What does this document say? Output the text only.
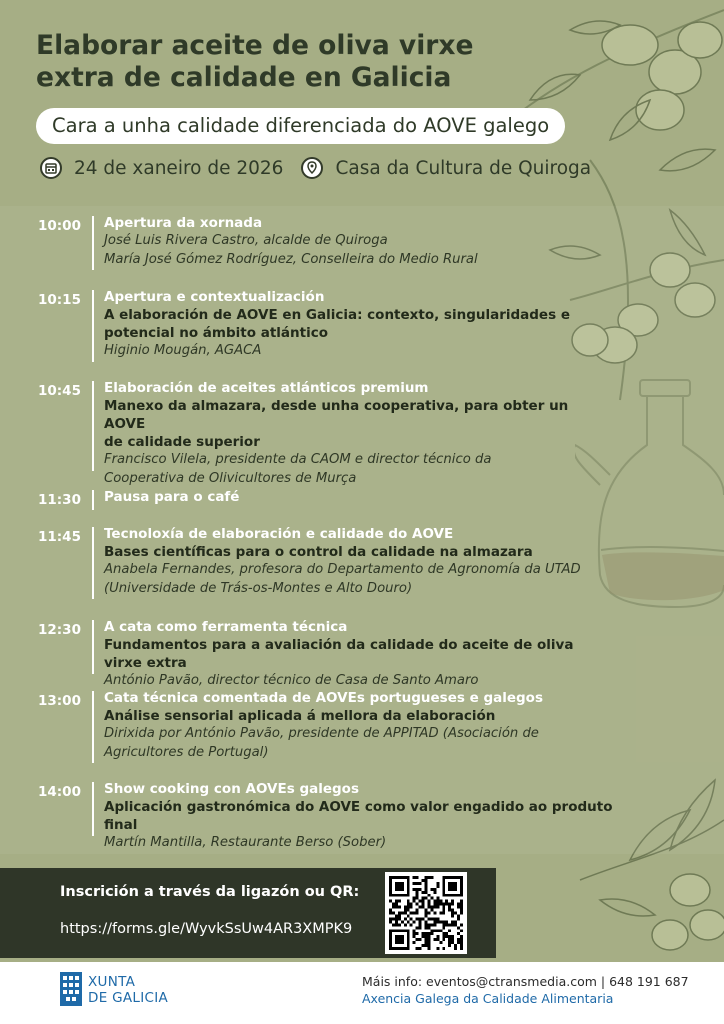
Elaborar aceite de oliva virxe
extra de calidade en Galicia
Cara a unha calidade diferenciada do AOVE galego
24 de xaneiro de 2026	Casa da Cultura de Quiroga
10:00	Apertura da xornada
José Luis Rivera Castro, alcalde de Quiroga
María José Gómez Rodríguez, Conselleira do Medio Rural
10:15	Apertura e contextualización
A elaboración de AOVE en Galicia: contexto, singularidades e
potencial no ámbito atlántico
Higinio Mougán, AGACA
10:45	Elaboración de aceites atlánticos premium
Manexo da almazara, desde unha cooperativa, para obter un AOVE
de calidade superior
Francisco Vilela, presidente da CAOM e director técnico da
Cooperativa de Olivicultores de Murça
11:30	Pausa para o café
11:45	Tecnoloxía de elaboración e calidade do AOVE
Bases científicas para o control da calidade na almazara
Anabela Fernandes, profesora do Departamento de Agronomía da UTAD
(Universidade de Trás-os-Montes e Alto Douro)
12:30	A cata como ferramenta técnica
Fundamentos para a avaliación da calidade do aceite de oliva virxe extra
António Pavão, director técnico de Casa de Santo Amaro
13:00	Cata técnica comentada de AOVEs portugueses e galegos
Análise sensorial aplicada á mellora da elaboración
Dirixida por António Pavão, presidente de APPITAD (Asociación de
Agricultores de Portugal)
14:00	Show cooking con AOVEs galegos
Aplicación gastronómica do AOVE como valor engadido ao produto final
Martín Mantilla, Restaurante Berso (Sober)
Inscrición a través da ligazón ou QR:
https://forms.gle/WyvkSsUw4AR3XMPK9
XUNTA
DE GALICIA
Máis info: eventos@ctransmedia.com | 648 191 687
Axencia Galega da Calidade Alimentaria
